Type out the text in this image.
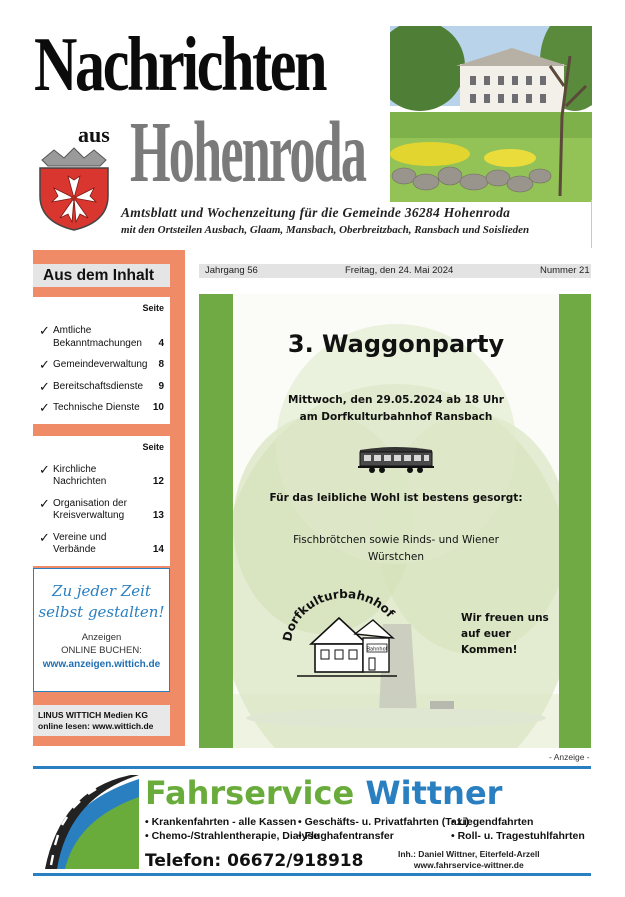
Nachrichten
aus Hohenroda
Amtsblatt und Wochenzeitung für die Gemeinde 36284 Hohenroda
mit den Ortsteilen Ausbach, Glaam, Mansbach, Oberbreitzbach, Ransbach und Soislieden
Aus dem Inhalt
Seite
✓ Amtliche Bekanntmachungen 4
✓ Gemeindeverwaltung 8
✓ Bereitschaftsdienste 9
✓ Technische Dienste 10
Seite
✓ Kirchliche Nachrichten	12
✓ Organisation der Kreisverwaltung	13
✓ Vereine und Verbände	14
Zu jeder Zeit
selbst gestalten!
Anzeigen
ONLINE BUCHEN:
www.anzeigen.wittich.de
LINUS WITTICH Medien KG
online lesen: www.wittich.de
Jahrgang 56	Freitag, den 24. Mai 2024	Nummer 21
3. Waggonparty
Mittwoch, den 29.05.2024 ab 18 Uhr
am Dorfkulturbahnhof Ransbach
Für das leibliche Wohl ist bestens gesorgt:
Fischbrötchen sowie Rinds- und Wiener
Würstchen
Dorfkulturbahnhof
Bahnhof
Wir freuen uns
auf euer
Kommen!
- Anzeige -
Fahrservice Wittner
• Krankenfahrten - alle Kassen
• Chemo-/Strahlentherapie, Dialyse
• Geschäfts- u. Privatfahrten (Taxi)
• Flughafentransfer
• Liegendfahrten
• Roll- u. Tragestuhlfahrten
Telefon: 06672/918918	Inh.: Daniel Wittner, Eiterfeld-Arzell
www.fahrservice-wittner.de
